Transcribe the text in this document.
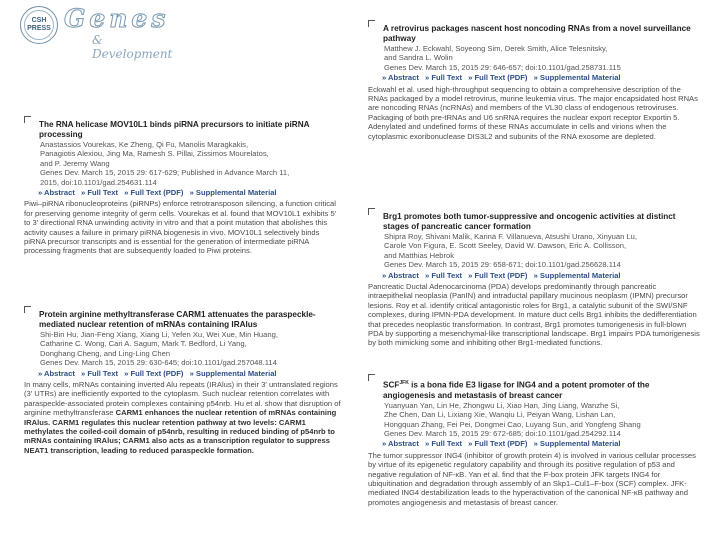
CSH
PRESS Genes
& Development
The RNA helicase MOV10L1 binds piRNA precursors to initiate piRNA processing
Anastassios Vourekas, Ke Zheng, Qi Fu, Manolis Maragkakis,
Panagiotis Alexiou, Jing Ma, Ramesh S. Pillai, Zissimos Mourelatos,
and P. Jeremy Wang
Genes Dev. March 15, 2015 29: 617-629; Published in Advance March 11,
2015, doi:10.1101/gad.254631.114
» Abstract » Full Text » Full Text (PDF) » Supplemental Material
Piwi–piRNA ribonucleoproteins (piRNPs) enforce retrotransposon silencing, a function critical for preserving genome integrity of germ cells. Vourekas et al. found that MOV10L1 exhibits 5′ to 3′ directional RNA unwinding activity in vitro and that a point mutation that abolishes this activity causes a failure in primary piRNA biogenesis in vivo. MOV10L1 selectively binds piRNA precursor transcripts and is essential for the generation of intermediate piRNA processing fragments that are subsequently loaded to Piwi proteins.
Protein arginine methyltransferase CARM1 attenuates the paraspeckle-mediated nuclear retention of mRNAs containing IRAlus
Shi-Bin Hu, Jian-Feng Xiang, Xiang Li, Yefen Xu, Wei Xue, Min Huang,
Catharine C. Wong, Cari A. Sagum, Mark T. Bedford, Li Yang,
Donghang Cheng, and Ling-Ling Chen
Genes Dev. March 15, 2015 29: 630-645; doi:10.1101/gad.257048.114
» Abstract » Full Text » Full Text (PDF) » Supplemental Material
In many cells, mRNAs containing inverted Alu repeats (IRAlus) in their 3′ untranslated regions (3′ UTRs) are inefficiently exported to the cytoplasm. Such nuclear retention correlates with paraspeckle-associated protein complexes containing p54nrb. Hu et al. show that disruption of arginine methyltransferase CARM1 enhances the nuclear retention of mRNAs containing IRAlus. CARM1 regulates this nuclear retention pathway at two levels: CARM1 methylates the coiled-coil domain of p54nrb, resulting in reduced binding of p54nrb to mRNAs containing IRAlus; CARM1 also acts as a transcription regulator to suppress NEAT1 transcription, leading to reduced paraspeckle formation.
A retrovirus packages nascent host noncoding RNAs from a novel surveillance pathway
Matthew J. Eckwahl, Soyeong Sim, Derek Smith, Alice Telesnitsky,
and Sandra L. Wolin
Genes Dev. March 15, 2015 29: 646-657; doi:10.1101/gad.258731.115
» Abstract » Full Text » Full Text (PDF) » Supplemental Material
Eckwahl et al. used high-throughput sequencing to obtain a comprehensive description of the RNAs packaged by a model retrovirus, murine leukemia virus. The major encapsidated host RNAs are noncoding RNAs (ncRNAs) and members of the VL30 class of endogenous retroviruses. Packaging of both pre-tRNAs and U6 snRNA requires the nuclear export receptor Exportin 5. Adenylated and undefined forms of these RNAs accumulate in cells and virions when the cytoplasmic exoribonuclease DIS3L2 and subunits of the RNA exosome are depleted.
Brg1 promotes both tumor-suppressive and oncogenic activities at distinct stages of pancreatic cancer formation
Shipra Roy, Shivani Malik, Karina F. Villanueva, Atsushi Urano, Xinyuan Lu,
Carole Von Figura, E. Scott Seeley, David W. Dawson, Eric A. Collisson,
and Matthias Hebrok
Genes Dev. March 15, 2015 29: 658-671; doi:10.1101/gad.256628.114
» Abstract » Full Text » Full Text (PDF) » Supplemental Material
Pancreatic Ductal Adenocarcinoma (PDA) develops predominantly through pancreatic intraepithelial neoplasia (PanIN) and intraductal papillary mucinous neoplasm (IPMN) precursor lesions. Roy et al. identify critical antagonistic roles for Brg1, a catalytic subunit of the SWI/SNF complexes, during IPMN-PDA development. In mature duct cells Brg1 inhibits the dedifferentiation that precedes neoplastic transformation. In contrast, Brg1 promotes tumorigenesis in full-blown PDA by supporting a mesenchymal-like transcriptional landscape. Brg1 impairs PDA tumorigenesis by both mimicking some and inhibiting other Brg1-mediated functions.
$SCF^{JFK}$ is a bona fide E3 ligase for ING4 and a potent promoter of the angiogenesis and metastasis of breast cancer
Yuanyuan Yan, Lin He, Zhongwu Li, Xiao Han, Jing Liang, Wanzhe Si,
Zhe Chen, Dan Li, Lixiang Xie, Wanqiu Li, Peiyan Wang, Lishan Lan,
Hongquan Zhang, Fei Pei, Dongmei Cao, Luyang Sun, and Yongfeng Shang
Genes Dev. March 15, 2015 29: 672-685; doi:10.1101/gad.254292.114
» Abstract » Full Text » Full Text (PDF) » Supplemental Material
The tumor suppressor ING4 (inhibitor of growth protein 4) is involved in various cellular processes by virtue of its epigenetic regulatory capability and through its positive regulation of p53 and negative regulation of NF-κB. Yan et al. find that the F-box protein JFK targets ING4 for ubiquitination and degradation through assembly of an Skp1–Cul1–F-box (SCF) complex. JFK-mediated ING4 destabilization leads to the hyperactivation of the canonical NF-κB pathway and promotes angiogenesis and metastasis of breast cancer.
